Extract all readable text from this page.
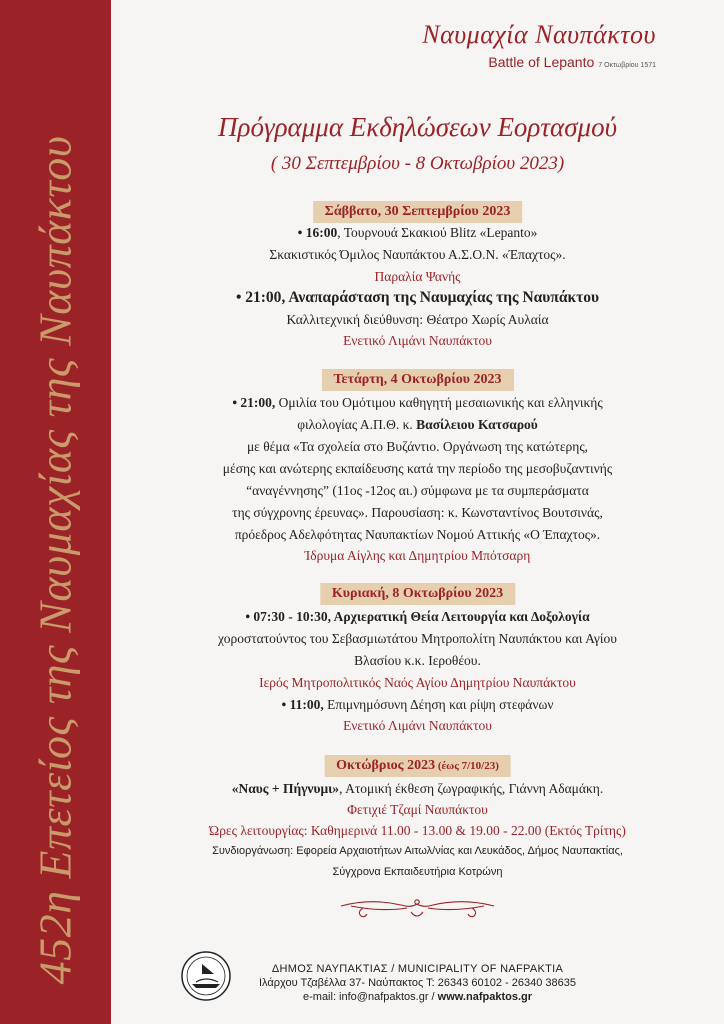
452η Επετείος της Ναυμαχίας της Ναυπάκτου
Ναυμαχία Ναυπάκτου
Battle of Lepanto 7 Οκτωβρίου 1571
Πρόγραμμα Εκδηλώσεων Εορτασμού
( 30 Σεπτεμβρίου - 8 Οκτωβρίου 2023)
Σάββατο, 30 Σεπτεμβρίου 2023
• 16:00, Τουρνουά Σκακιού Blitz «Lepanto»
Σκακιστικός Όμιλος Ναυπάκτου Α.Σ.Ο.Ν. «Έπαχτος».
Παραλία Ψανής
• 21:00, Αναπαράσταση της Ναυμαχίας της Ναυπάκτου
Καλλιτεχνική διεύθυνση: Θέατρο Χωρίς Αυλαία
Ενετικό Λιμάνι Ναυπάκτου
Τετάρτη, 4 Οκτωβρίου 2023
• 21:00, Ομιλία του Ομότιμου καθηγητή μεσαιωνικής και ελληνικής
φιλολογίας Α.Π.Θ. κ. Βασίλειου Κατσαρού
με θέμα «Τα σχολεία στο Βυζάντιο. Οργάνωση της κατώτερης,
μέσης και ανώτερης εκπαίδευσης κατά την περίοδο της μεσοβυζαντινής
“αναγέννησης” (11ος -12ος αι.) σύμφωνα με τα συμπεράσματα
της σύγχρονης έρευνας». Παρουσίαση: κ. Κωνσταντίνος Βουτσινάς,
πρόεδρος Αδελφότητας Ναυπακτίων Νομού Αττικής «Ο Έπαχτος».
Ίδρυμα Αίγλης και Δημητρίου Μπότσαρη
Κυριακή, 8 Οκτωβρίου 2023
• 07:30 - 10:30, Αρχιερατική Θεία Λειτουργία και Δοξολογία
χοροστατούντος του Σεβασμιωτάτου Μητροπολίτη Ναυπάκτου και Αγίου
Βλασίου κ.κ. Ιεροθέου.
Ιερός Μητροπολιτικός Ναός Αγίου Δημητρίου Ναυπάκτου
• 11:00, Επιμνημόσυνη Δέηση και ρίψη στεφάνων
Ενετικό Λιμάνι Ναυπάκτου
Οκτώβριος 2023 (έως 7/10/23)
«Ναυς + Πήγνυμι», Ατομική έκθεση ζωγραφικής, Γιάννη Αδαμάκη.
Φετιχιέ Τζαμί Ναυπάκτου
Ώρες λειτουργίας: Καθημερινά 11.00 - 13.00 & 19.00 - 22.00 (Εκτός Τρίτης)
Συνδιοργάνωση: Εφορεία Αρχαιοτήτων Αιτωλ/νίας και Λευκάδος, Δήμος Ναυπακτίας,
Σύγχρονα Εκπαιδευτήρια Κοτρώνη
ΔΗΜΟΣ ΝΑΥΠΑΚΤΙΑΣ / MUNICIPALITY OF NAFPAKTIA
Ιλάρχου Τζαβέλλα 37- Ναύπακτος Τ: 26343 60102 - 26340 38635
e-mail: info@nafpaktos.gr / www.nafpaktos.gr
